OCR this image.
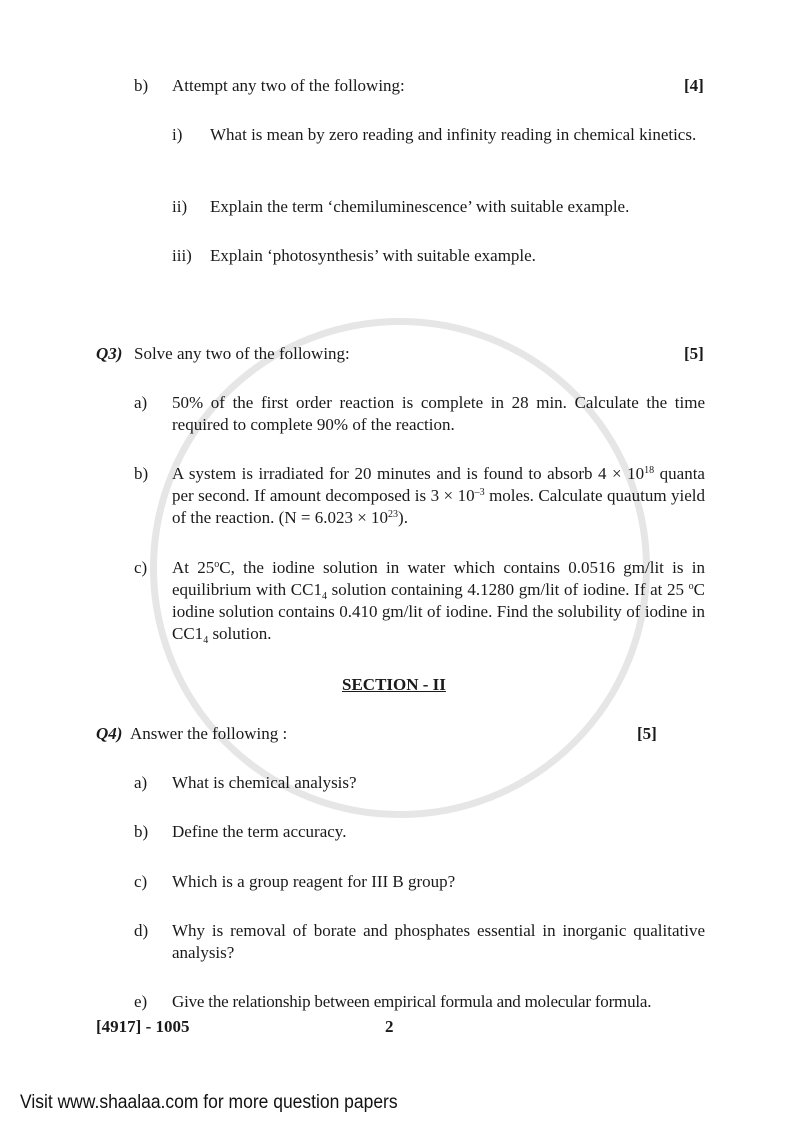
b) Attempt any two of the following:	[4]
i) What is mean by zero reading and infinity reading in chemical kinetics.
ii) Explain the term ‘chemiluminescence’ with suitable example.
iii) Explain ‘photosynthesis’ with suitable example.
Q3) Solve any two of the following:	[5]
a) 50% of the first order reaction is complete in 28 min. Calculate the time required to complete 90% of the reaction.
b) A system is irradiated for 20 minutes and is found to absorb $4 \times 10^{18}$ quanta per second. If amount decomposed is $3 \times 10^{-3}$ moles. Calculate quautum yield of the reaction. $(N = 6.023 \times 10^{23})$.
c) At 25$^o$C, the iodine solution in water which contains 0.0516 gm/lit is in equilibrium with $CC1_4$ solution containing 4.1280 gm/lit of iodine. If at 25 $^o$C iodine solution contains 0.410 gm/lit of iodine. Find the solubility of iodine in $CC1_4$ solution.
SECTION - II
Q4) Answer the following :	[5]
a) What is chemical analysis?
b) Define the term accuracy.
c) Which is a group reagent for III B group?
d) Why is removal of borate and phosphates essential in inorganic qualitative analysis?
e) Give the relationship between empirical formula and molecular formula.
[4917] - 1005	2
Visit www.shaalaa.com for more question papers
